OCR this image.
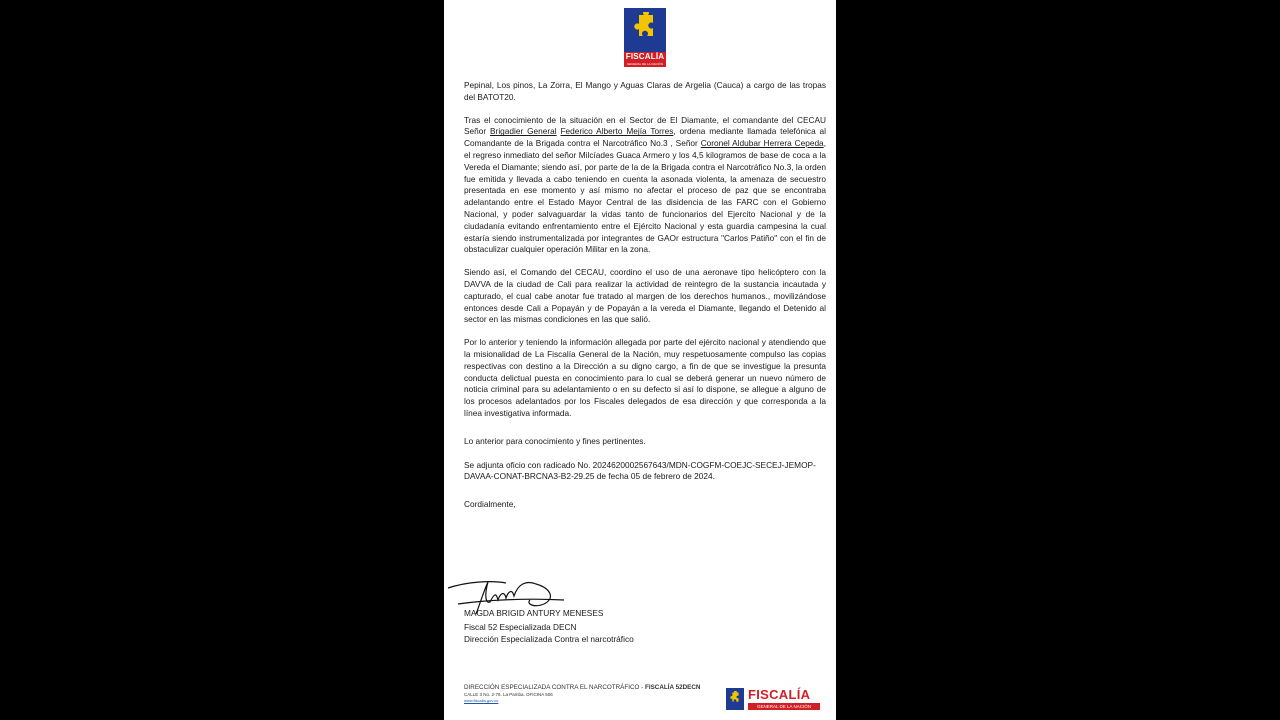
FISCALÍA
GENERAL DE LA NACIÓN

Pepinal, Los pinos, La Zorra, El Mango y Aguas Claras de Argelia (Cauca) a cargo de las tropas del BATOT20.

Tras el conocimiento de la situación en el Sector de El Diamante, el comandante del CECAU Señor Brigadier General Federico Alberto Mejía Torres, ordena mediante llamada telefónica al Comandante de la Brigada contra el Narcotráfico No.3 , Señor Coronel Aldubar Herrera Cepeda, el regreso inmediato del señor Milcíades Guaca Armero y los 4,5 kilogramos de base de coca a la Vereda el Diamante; siendo así, por parte de la de la Brigada contra el Narcotráfico No.3, la orden fue emitida y llevada a cabo teniendo en cuenta la asonada violenta, la amenaza de secuestro presentada en ese momento y así mismo no afectar el proceso de paz que se encontraba adelantando entre el Estado Mayor Central de las disidencia de las FARC con el Gobierno Nacional, y poder salvaguardar la vidas tanto de funcionarios del Ejercito Nacional y de la ciudadanía evitando enfrentamiento entre el Ejército Nacional y esta guardia campesina la cual estaría siendo instrumentalizada por integrantes de GAOr estructura "Carlos Patiño" con el fin de obstaculizar cualquier operación Militar en la zona.

Siendo así, el Comando del CECAU, coordino el uso de una aeronave tipo helicóptero con la DAVVA de la ciudad de Cali para realizar la actividad de reintegro de la sustancia incautada y capturado, el cual cabe anotar fue tratado al margen de los derechos humanos., movilizándose entonces desde Cali a Popayán y de Popayán a la vereda el Diamante, llegando el Detenido al sector en las mismas condiciones en las que salió.

Por lo anterior y teniendo la información allegada por parte del ejército nacional y atendiendo que la misionalidad de La Fiscalía General de la Nación, muy respetuosamente compulso las copias respectivas con destino a la Dirección a su digno cargo, a fin de que se investigue la presunta conducta delictual puesta en conocimiento para lo cual se deberá generar un nuevo número de noticia criminal para su adelantamiento o en su defecto si así lo dispone, se allegue a alguno de los procesos adelantados por los Fiscales delegados de esa dirección y que corresponda a la línea investigativa informada.

Lo anterior para conocimiento y fines pertinentes.

Se adjunta oficio con radicado No. 20246200025676​43/MDN-COGFM-COEJC-SECEJ-JEMOP-DAVAA-CONAT-BRCNA3-B2-29.25 de fecha 05 de febrero de 2024.

Cordialmente,

MAGDA BRIGID ANTURY MENESES
Fiscal 52 Especializada DECN
Dirección Especializada Contra el narcotráfico
DIRECCIÓN ESPECIALIZADA CONTRA EL NARCOTRÁFICO - FISCALÍA 52DECN
CALLE 3 No. 2-76. La Pamba. OFICINA 506
www.fiscalia.gov.co	FISCALÍA
GENERAL DE LA NACIÓN
